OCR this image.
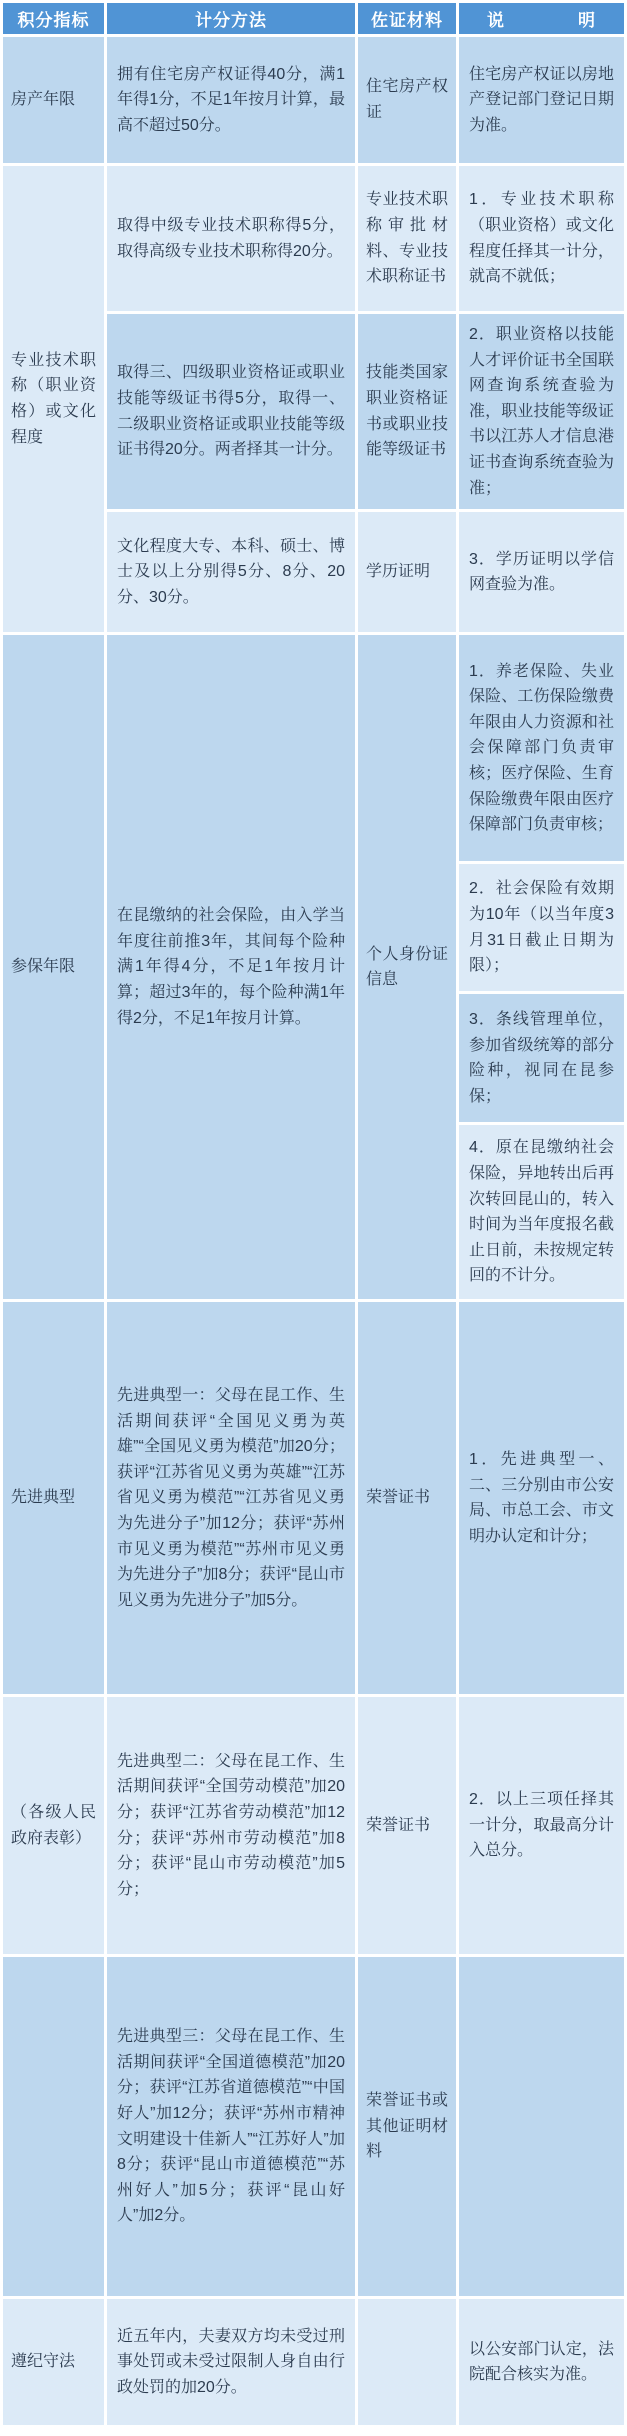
积分指标	计分方法	佐证材料	说明
房产年限	拥有住宅房产权证得40分，满1年得1分，不足1年按月计算，最高不超过50分。	住宅房产权证	住宅房产权证以房地产登记部门登记日期为准。
专业技术职称（职业资格）或文化程度	取得中级专业技术职称得5分，取得高级专业技术职称得20分。	专业技术职称审批材料、专业技术职称证书	1．专业技术职称（职业资格）或文化程度任择其一计分，就高不就低；
	取得三、四级职业资格证或职业技能等级证书得5分，取得一、二级职业资格证或职业技能等级证书得20分。两者择其一计分。	技能类国家职业资格证书或职业技能等级证书	2．职业资格以技能人才评价证书全国联网查询系统查验为准，职业技能等级证书以江苏人才信息港证书查询系统查验为准；
	文化程度大专、本科、硕士、博士及以上分别得5分、8分、20分、30分。	学历证明	3．学历证明以学信网查验为准。
参保年限	在昆缴纳的社会保险，由入学当年度往前推3年，其间每个险种满1年得4分，不足1年按月计算；超过3年的，每个险种满1年得2分，不足1年按月计算。	个人身份证信息	1．养老保险、失业保险、工伤保险缴费年限由人力资源和社会保障部门负责审核；医疗保险、生育保险缴费年限由医疗保障部门负责审核；
			2．社会保险有效期为10年（以当年度3月31日截止日期为限）；
			3．条线管理单位，参加省级统筹的部分险种，视同在昆参保；
			4．原在昆缴纳社会保险，异地转出后再次转回昆山的，转入时间为当年度报名截止日前，未按规定转回的不计分。
先进典型	先进典型一：父母在昆工作、生活期间获评“全国见义勇为英雄”“全国见义勇为模范”加20分；获评“江苏省见义勇为英雄”“江苏省见义勇为模范”“江苏省见义勇为先进分子”加12分；获评“苏州市见义勇为模范”“苏州市见义勇为先进分子”加8分；获评“昆山市见义勇为先进分子”加5分。	荣誉证书	1．先进典型一、二、三分别由市公安局、市总工会、市文明办认定和计分；
（各级人民政府表彰）	先进典型二：父母在昆工作、生活期间获评“全国劳动模范”加20分；获评“江苏省劳动模范”加12分；获评“苏州市劳动模范”加8分；获评“昆山市劳动模范”加5分；	荣誉证书	2．以上三项任择其一计分，取最高分计入总分。
	先进典型三：父母在昆工作、生活期间获评“全国道德模范”加20分；获评“江苏省道德模范”“中国好人”加12分；获评“苏州市精神文明建设十佳新人”“江苏好人”加8分；获评“昆山市道德模范”“苏州好人”加5分；获评“昆山好人”加2分。	荣誉证书或其他证明材料	
遵纪守法	近五年内，夫妻双方均未受过刑事处罚或未受过限制人身自由行政处罚的加20分。		以公安部门认定，法院配合核实为准。
